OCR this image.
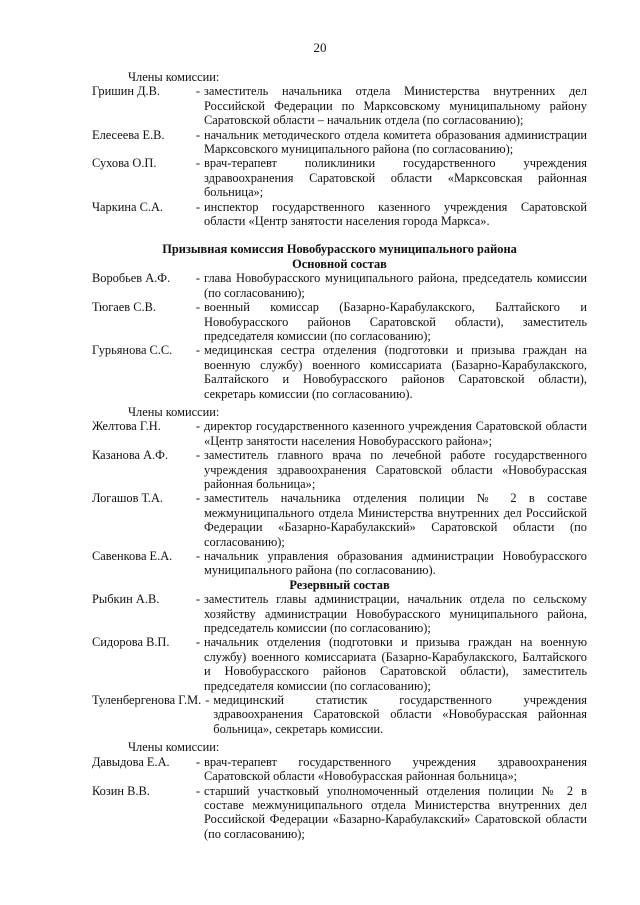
20
Члены комиссии:
Гришин Д.В.	- заместитель начальника отдела Министерства внутренних дел Российской Федерации по Марксовскому муниципальному району Саратовской области – начальник отдела (по согласованию);
Елесеева Е.В.	- начальник методического отдела комитета образования администрации Марксовского муниципального района (по согласованию);
Сухова О.П.	- врач-терапевт поликлиники государственного учреждения здравоохранения Саратовской области «Марксовская районная больница»;
Чаркина С.А.	- инспектор государственного казенного учреждения Саратовской области «Центр занятости населения города Маркса».
Призывная комиссия Новобурасского муниципального района
Основной состав
Воробьев А.Ф.	- глава Новобурасского муниципального района, председатель комиссии (по согласованию);
Тюгаев С.В.	- военный комиссар (Базарно-Карабулакского, Балтайского и Новобурасского районов Саратовской области), заместитель председателя комиссии (по согласованию);
Гурьянова С.С.	- медицинская сестра отделения (подготовки и призыва граждан на военную службу) военного комиссариата (Базарно-Карабулакского, Балтайского и Новобурасского районов Саратовской области), секретарь комиссии (по согласованию).
Члены комиссии:
Желтова Г.Н.	- директор государственного казенного учреждения Саратовской области «Центр занятости населения Новобурасского района»;
Казанова А.Ф.	- заместитель главного врача по лечебной работе государственного учреждения здравоохранения Саратовской области «Новобурасская районная больница»;
Логашов Т.А.	- заместитель начальника отделения полиции № 2 в составе межмуниципального отдела Министерства внутренних дел Российской Федерации «Базарно-Карабулакский» Саратовской области (по согласованию);
Савенкова Е.А.	- начальник управления образования администрации Новобурасского муниципального района (по согласованию).
Резервный состав
Рыбкин А.В.	- заместитель главы администрации, начальник отдела по сельскому хозяйству администрации Новобурасского муниципального района, председатель комиссии (по согласованию);
Сидорова В.П.	- начальник отделения (подготовки и призыва граждан на военную службу) военного комиссариата (Базарно-Карабулакского, Балтайского и Новобурасского районов Саратовской области), заместитель председателя комиссии (по согласованию);
Туленбергенова Г.М. - медицинский статистик государственного учреждения здравоохранения Саратовской области «Новобурасская районная больница», секретарь комиссии.
Члены комиссии:
Давыдова Е.А.	- врач-терапевт государственного учреждения здравоохранения Саратовской области «Новобурасская районная больница»;
Козин В.В.	- старший участковый уполномоченный отделения полиции № 2 в составе межмуниципального отдела Министерства внутренних дел Российской Федерации «Базарно-Карабулакский» Саратовской области (по согласованию);
